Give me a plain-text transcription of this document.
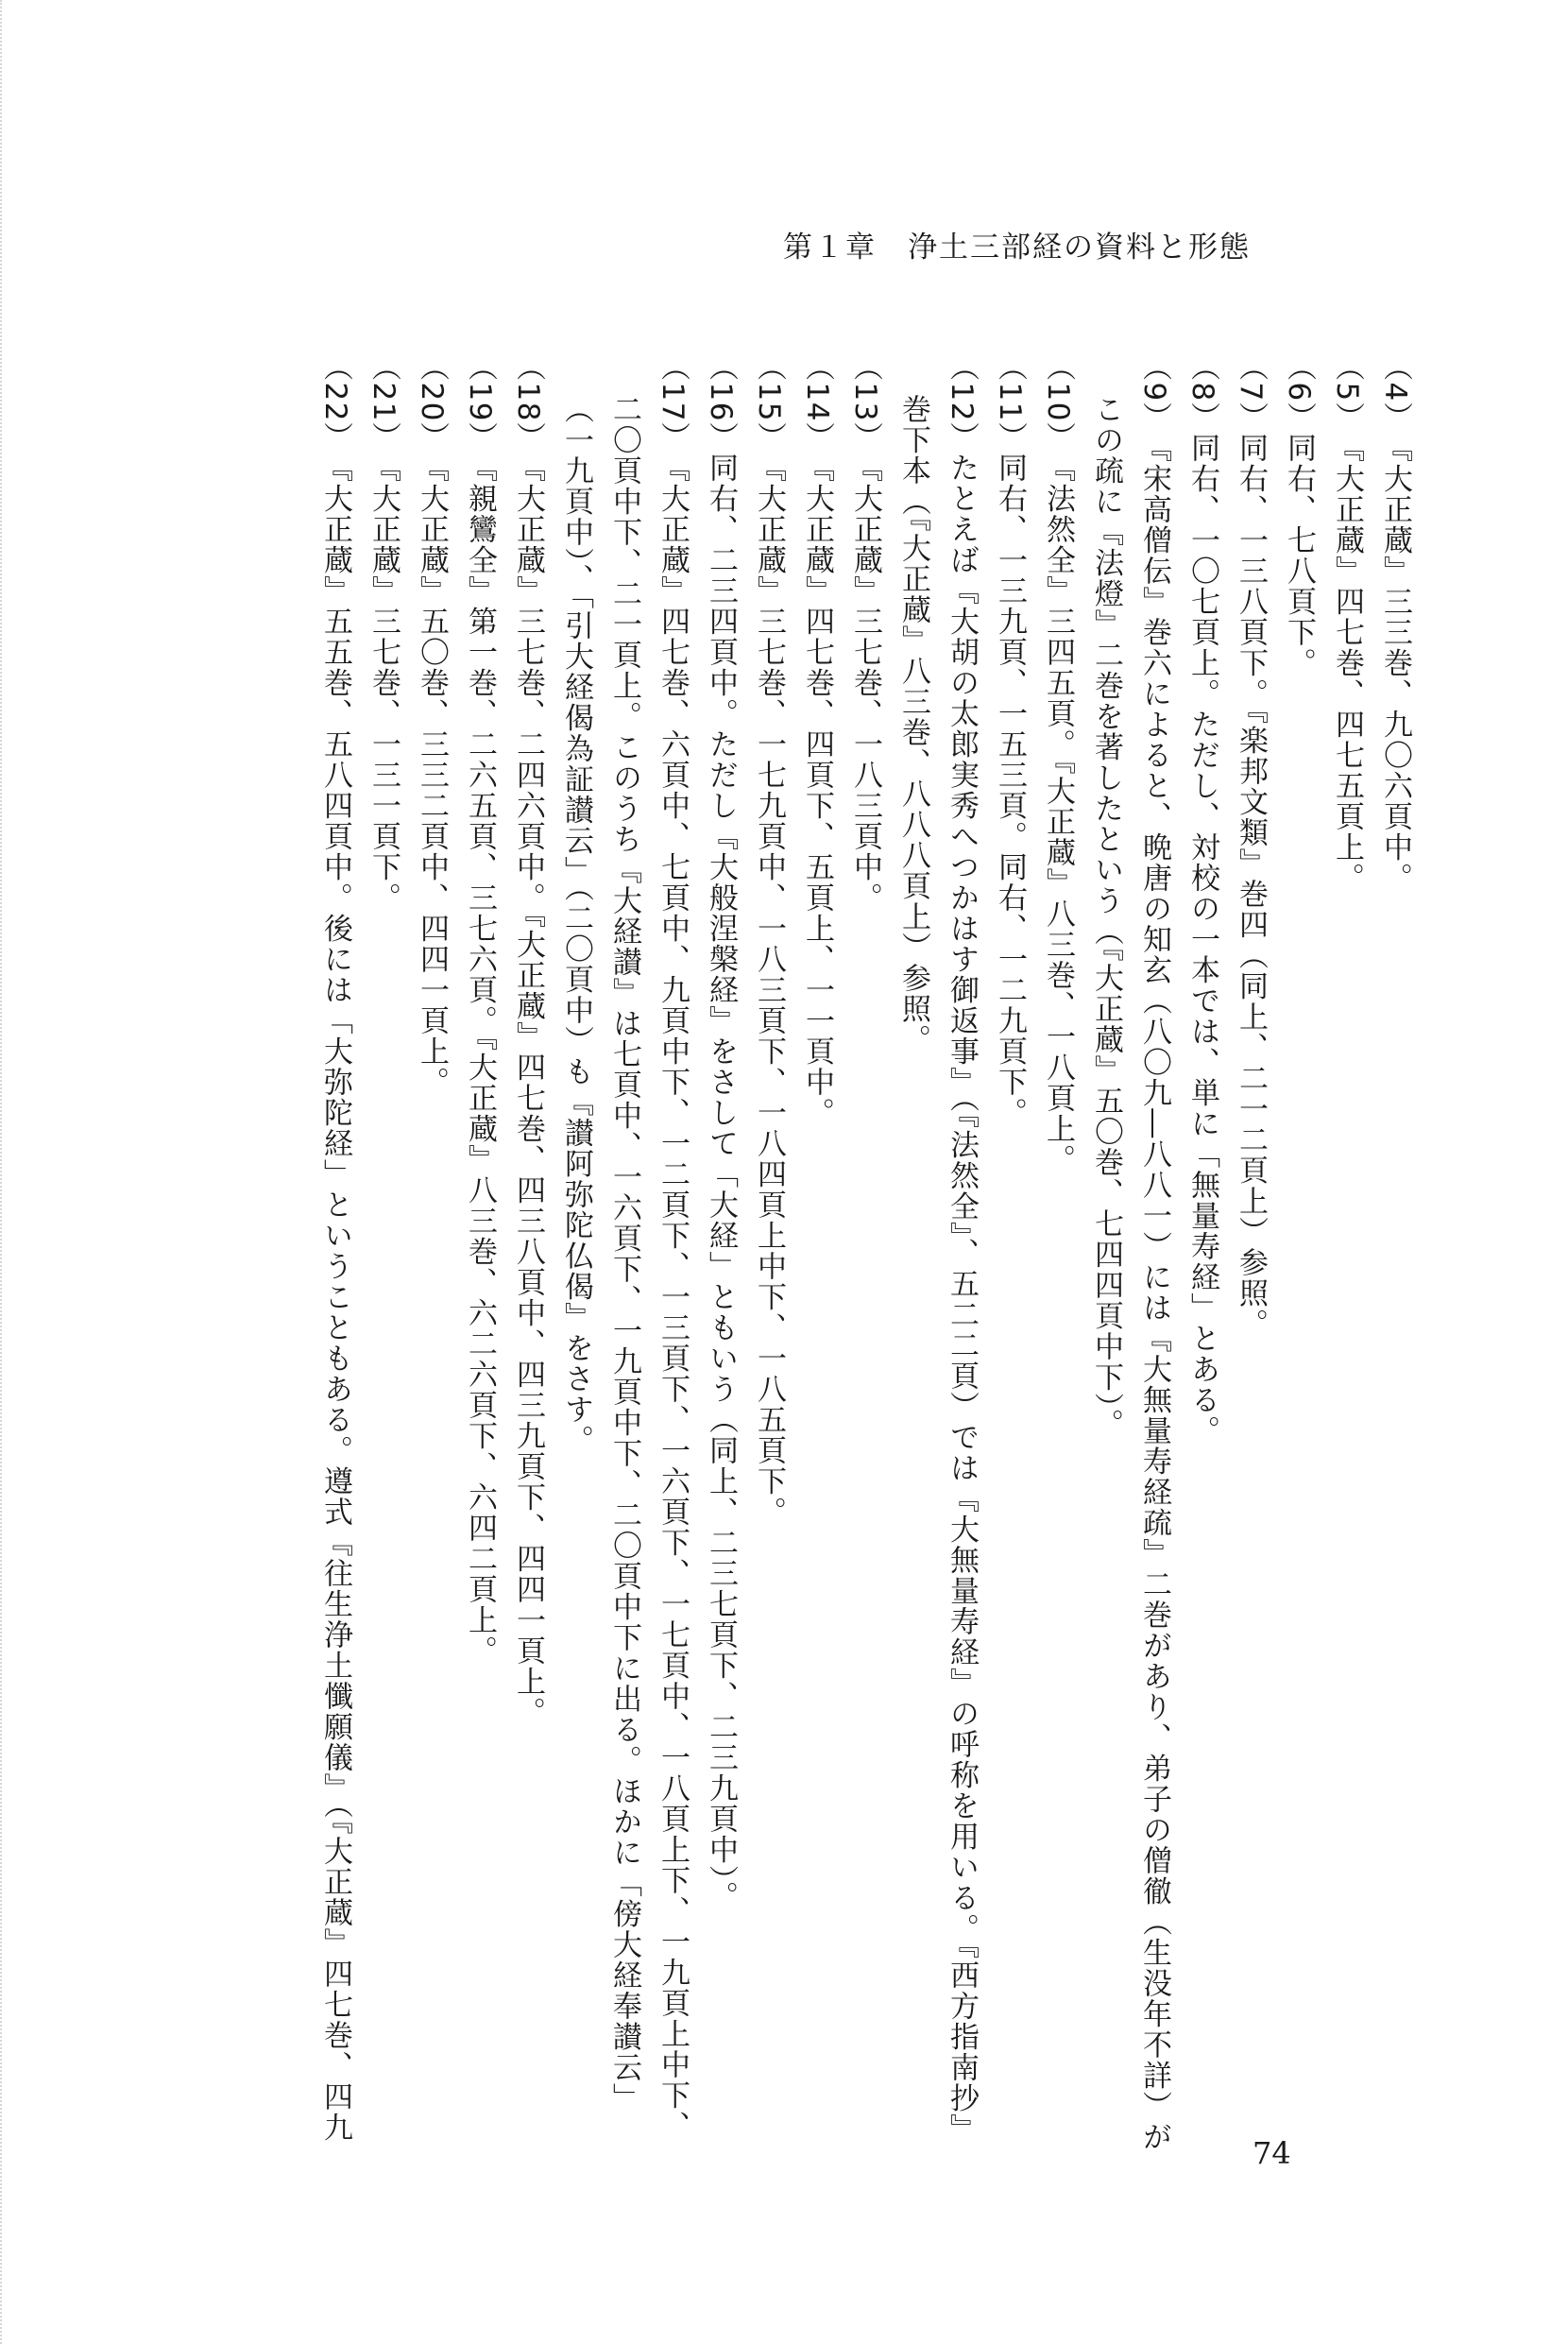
第１章　浄土三部経の資料と形態

（4）『大正蔵』三三巻、九〇六頁中。

（5）『大正蔵』四七巻、四七五頁上。

（6）同右、七八頁下。

（7）同右、一三八頁下。『楽邦文類』巻四（同上、二一二頁上）参照。

（8）同右、一〇七頁上。ただし、対校の一本では、単に「無量寿経」とある。

（9）『宋高僧伝』巻六によると、晩唐の知玄（八〇九―八八一）には『大無量寿経疏』二巻があり、弟子の僧徹（生没年不詳）が

この疏に『法燈』二巻を著したという（『大正蔵』五〇巻、七四四頁中下）。

（10）『法然全』三四五頁。『大正蔵』八三巻、一八頁上。

（11）同右、一三九頁、一五三頁。同右、一二九頁下。

（12）たとえば『大胡の太郎実秀へつかはす御返事』（『法然全』、五二二頁）では『大無量寿経』の呼称を用いる。『西方指南抄』

巻下本（『大正蔵』八三巻、八八八頁上）参照。

（13）『大正蔵』三七巻、一八三頁中。

（14）『大正蔵』四七巻、四頁下、五頁上、一一頁中。

（15）『大正蔵』三七巻、一七九頁中、一八三頁下、一八四頁上中下、一八五頁下。

（16）同右、二三四頁中。ただし『大般涅槃経』をさして「大経」ともいう（同上、二三七頁下、二三九頁中）。

（17）『大正蔵』四七巻、六頁中、七頁中、九頁中下、一二頁下、一三頁下、一六頁下、一七頁中、一八頁上下、一九頁上中下、

二〇頁中下、二一頁上。このうち『大経讃』は七頁中、一六頁下、一九頁中下、二〇頁中下に出る。ほかに「傍大経奉讃云」

（一九頁中）、「引大経偈為証讃云」（二〇頁中）も『讃阿弥陀仏偈』をさす。

（18）『大正蔵』三七巻、二四六頁中。『大正蔵』四七巻、四三八頁中、四三九頁下、四四一頁上。

（19）『親鸞全』第一巻、二六五頁、三七六頁。『大正蔵』八三巻、六二六頁下、六四二頁上。

（20）『大正蔵』五〇巻、三三二頁中、四四一頁上。

（21）『大正蔵』三七巻、一三一頁下。

（22）『大正蔵』五五巻、五八四頁中。後には「大弥陀経」ということもある。遵式『往生浄土懺願儀』（『大正蔵』四七巻、四九

74
